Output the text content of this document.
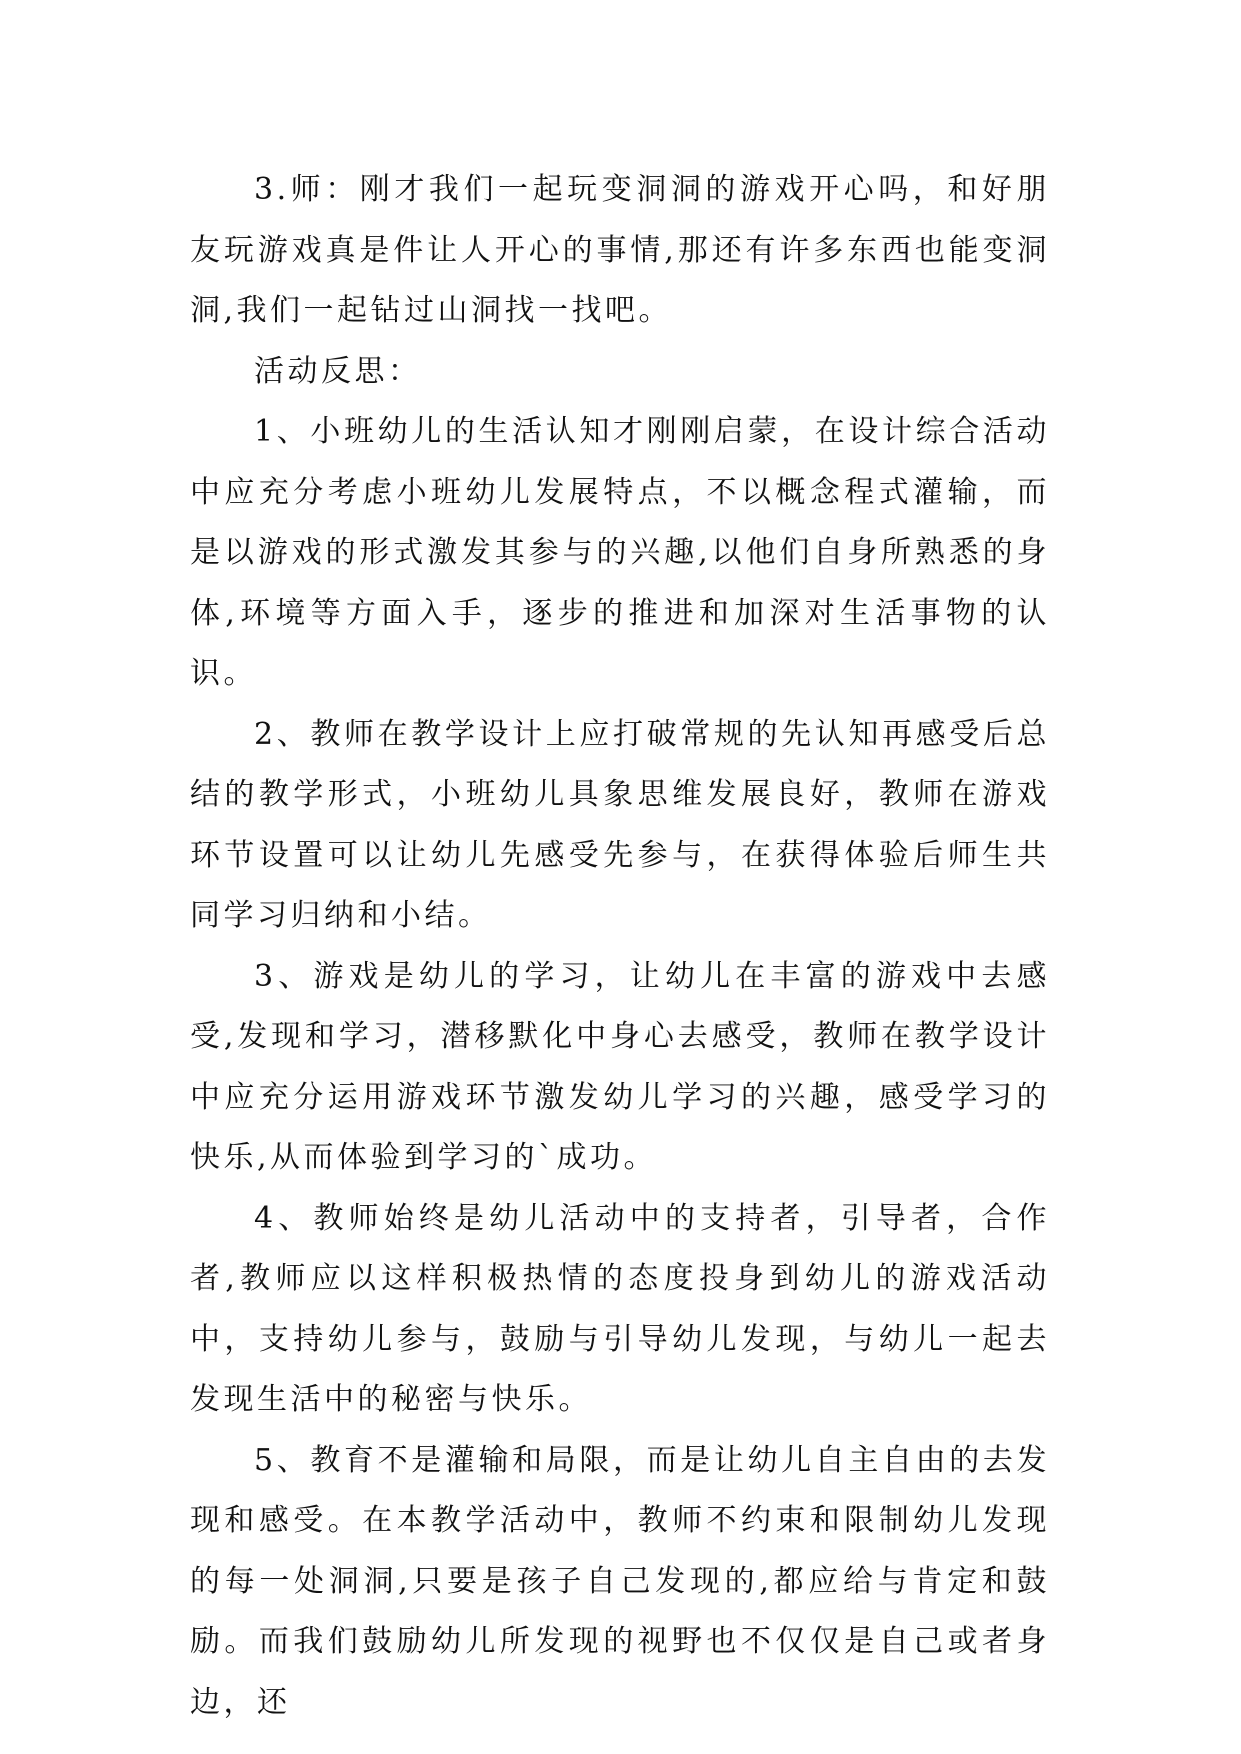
3.师：刚才我们一起玩变洞洞的游戏开心吗，和好朋友玩游戏真是件让人开心的事情,那还有许多东西也能变洞洞,我们一起钻过山洞找一找吧。

活动反思：

1、小班幼儿的生活认知才刚刚启蒙，在设计综合活动中应充分考虑小班幼儿发展特点，不以概念程式灌输，而是以游戏的形式激发其参与的兴趣,以他们自身所熟悉的身体,环境等方面入手，逐步的推进和加深对生活事物的认识。

2、教师在教学设计上应打破常规的先认知再感受后总结的教学形式，小班幼儿具象思维发展良好，教师在游戏环节设置可以让幼儿先感受先参与，在获得体验后师生共同学习归纳和小结。

3、游戏是幼儿的学习，让幼儿在丰富的游戏中去感受,发现和学习，潜移默化中身心去感受，教师在教学设计中应充分运用游戏环节激发幼儿学习的兴趣，感受学习的快乐,从而体验到学习的`成功。

4、教师始终是幼儿活动中的支持者，引导者，合作者,教师应以这样积极热情的态度投身到幼儿的游戏活动中，支持幼儿参与，鼓励与引导幼儿发现，与幼儿一起去发现生活中的秘密与快乐。

5、教育不是灌输和局限，而是让幼儿自主自由的去发现和感受。在本教学活动中，教师不约束和限制幼儿发现的每一处洞洞,只要是孩子自己发现的,都应给与肯定和鼓励。而我们鼓励幼儿所发现的视野也不仅仅是自己或者身边，还
